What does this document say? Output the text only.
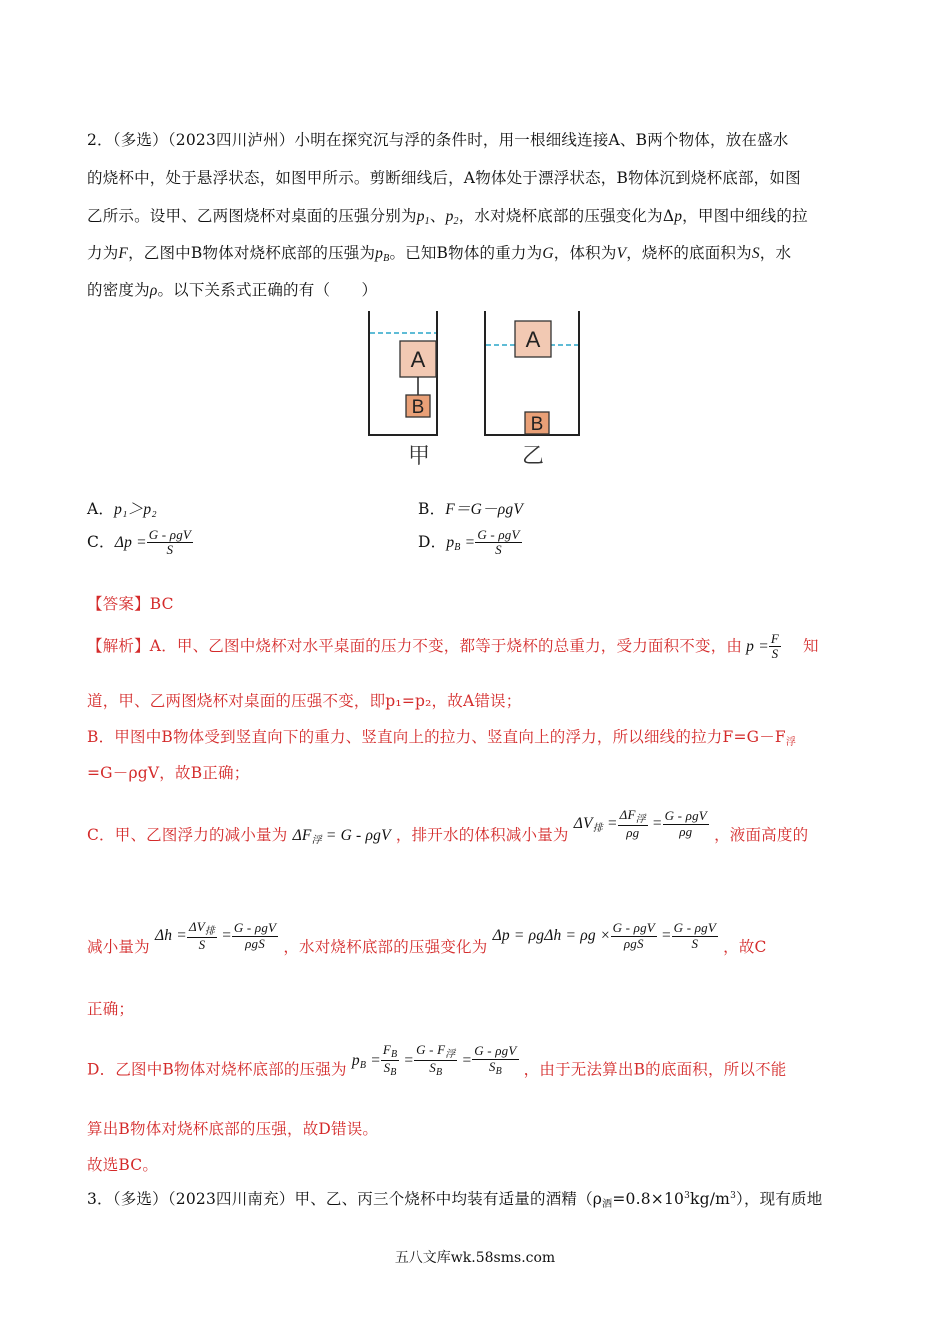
2．（多选）（2023四川泸州）小明在探究沉与浮的条件时，用一根细线连接A、B两个物体，放在盛水
的烧杯中，处于悬浮状态，如图甲所示。剪断细线后，A物体处于漂浮状态，B物体沉到烧杯底部，如图
乙所示。设甲、乙两图烧杯对桌面的压强分别为$p_1$、$p_2$，水对烧杯底部的压强变化为Δp，甲图中细线的拉
力为F，乙图中B物体对烧杯底部的压强为$p_B$。已知B物体的重力为G，体积为V，烧杯的底面积为S，水
的密度为ρ。以下关系式正确的有（　　）
A
B
甲
A
B
乙
A．p₁＞p₂	B．F＝G－ρgV
C．$\Delta p = \frac{\text{G - ρgV}}{S}$	D．$p_B = \frac{\text{G - ρgV}}{S}$
【答案】BC
【解析】A．甲、乙图中烧杯对水平桌面的压力不变，都等于烧杯的总重力，受力面积不变，由 $p = \frac{F}{S}$ 知
道，甲、乙两图烧杯对桌面的压强不变，即p₁=p₂，故A错误；
B．甲图中B物体受到竖直向下的重力、竖直向上的拉力、竖直向上的浮力，所以细线的拉力$F=G-F_浮$
=G－ρgV，故B正确；
C．甲、乙图浮力的减小量为 $\Delta F_浮 = G - \rho gV$ ，排开水的体积减小量为 $\Delta V_排 = \frac{\Delta F_浮}{\rho g} = \frac{\text{G - ρgV}}{\rho g}$ ，液面高度的
减小量为 $\Delta h = \frac{\Delta V_排}{S} = \frac{\text{G - ρgV}}{\text{ρgS}}$ ，水对烧杯底部的压强变化为 $\Delta p = \rho g\Delta h = \rho g \times \frac{\text{G - ρgV}}{\text{ρgS}} = \frac{\text{G - ρgV}}{S}$ ，故C
正确；
D．乙图中B物体对烧杯底部的压强为 $p_B = \frac{F_B}{S_B} = \frac{G - F_浮}{S_B} = \frac{\text{G - ρgV}}{S_B}$ ，由于无法算出B的底面积，所以不能
算出B物体对烧杯底部的压强，故D错误。
故选BC。
3．（多选）（2023四川南充）甲、乙、丙三个烧杯中均装有适量的酒精$(\rho_酒=0.8\times 10^3kg/m^3)$，现有质地
五八文库wk.58sms.com
